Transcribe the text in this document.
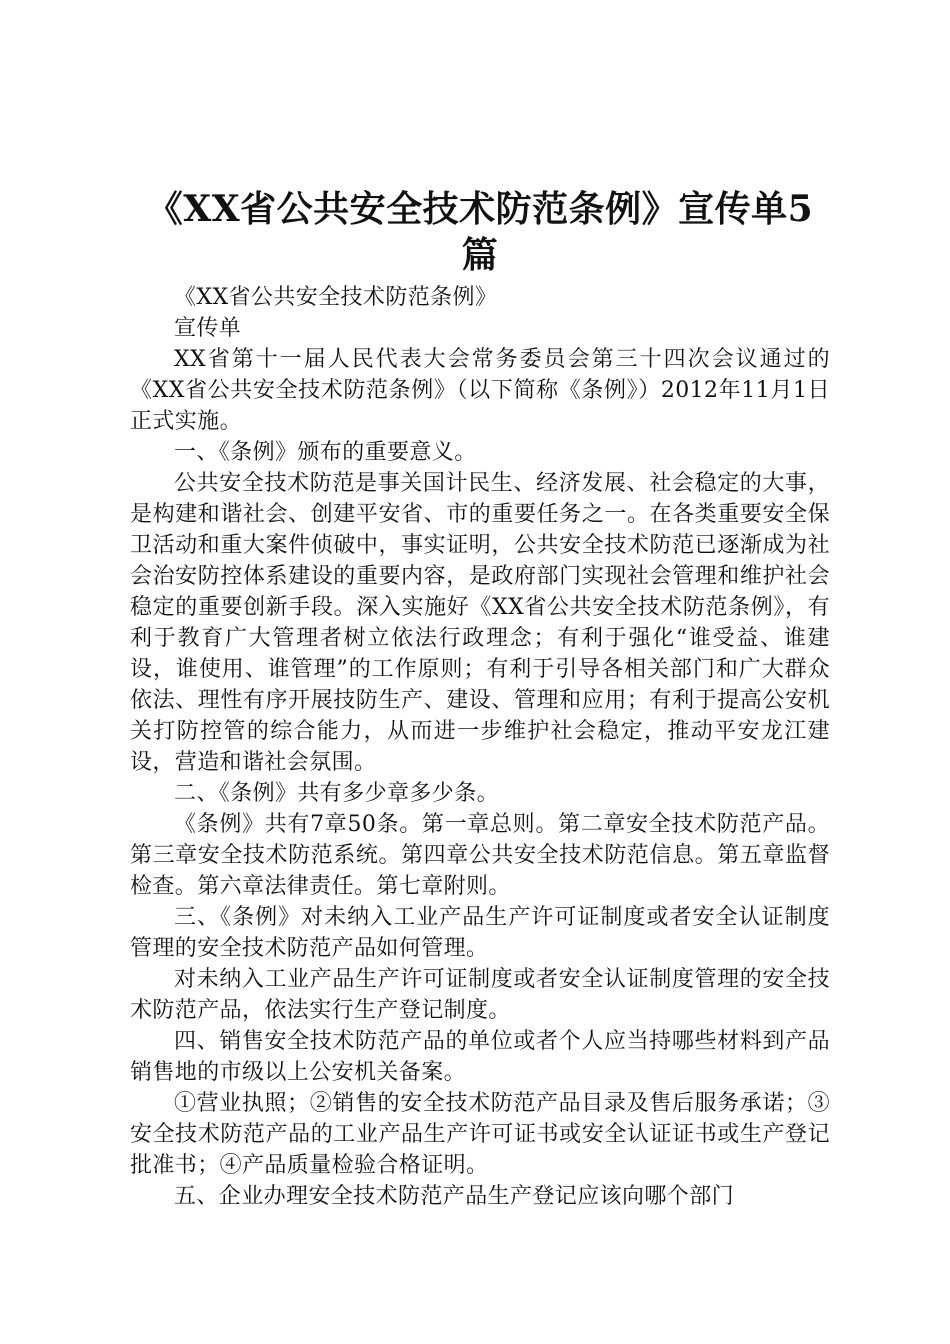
《XX省公共安全技术防范条例》宣传单5篇

《XX省公共安全技术防范条例》

宣传单

XX省第十一届人民代表大会常务委员会第三十四次会议通过的《XX省公共安全技术防范条例》（以下简称《条例》）2012年11月1日正式实施。

一、《条例》颁布的重要意义。

公共安全技术防范是事关国计民生、经济发展、社会稳定的大事，是构建和谐社会、创建平安省、市的重要任务之一。在各类重要安全保卫活动和重大案件侦破中，事实证明，公共安全技术防范已逐渐成为社会治安防控体系建设的重要内容，是政府部门实现社会管理和维护社会稳定的重要创新手段。深入实施好《XX省公共安全技术防范条例》，有利于教育广大管理者树立依法行政理念；有利于强化“谁受益、谁建设，谁使用、谁管理”的工作原则；有利于引导各相关部门和广大群众依法、理性有序开展技防生产、建设、管理和应用；有利于提高公安机关打防控管的综合能力，从而进一步维护社会稳定，推动平安龙江建设，营造和谐社会氛围。

二、《条例》共有多少章多少条。

《条例》共有7章50条。第一章总则。第二章安全技术防范产品。第三章安全技术防范系统。第四章公共安全技术防范信息。第五章监督检查。第六章法律责任。第七章附则。

三、《条例》对未纳入工业产品生产许可证制度或者安全认证制度管理的安全技术防范产品如何管理。

对未纳入工业产品生产许可证制度或者安全认证制度管理的安全技术防范产品，依法实行生产登记制度。

四、销售安全技术防范产品的单位或者个人应当持哪些材料到产品销售地的市级以上公安机关备案。

①营业执照；②销售的安全技术防范产品目录及售后服务承诺；③安全技术防范产品的工业产品生产许可证书或安全认证证书或生产登记批准书；④产品质量检验合格证明。

五、企业办理安全技术防范产品生产登记应该向哪个部门
